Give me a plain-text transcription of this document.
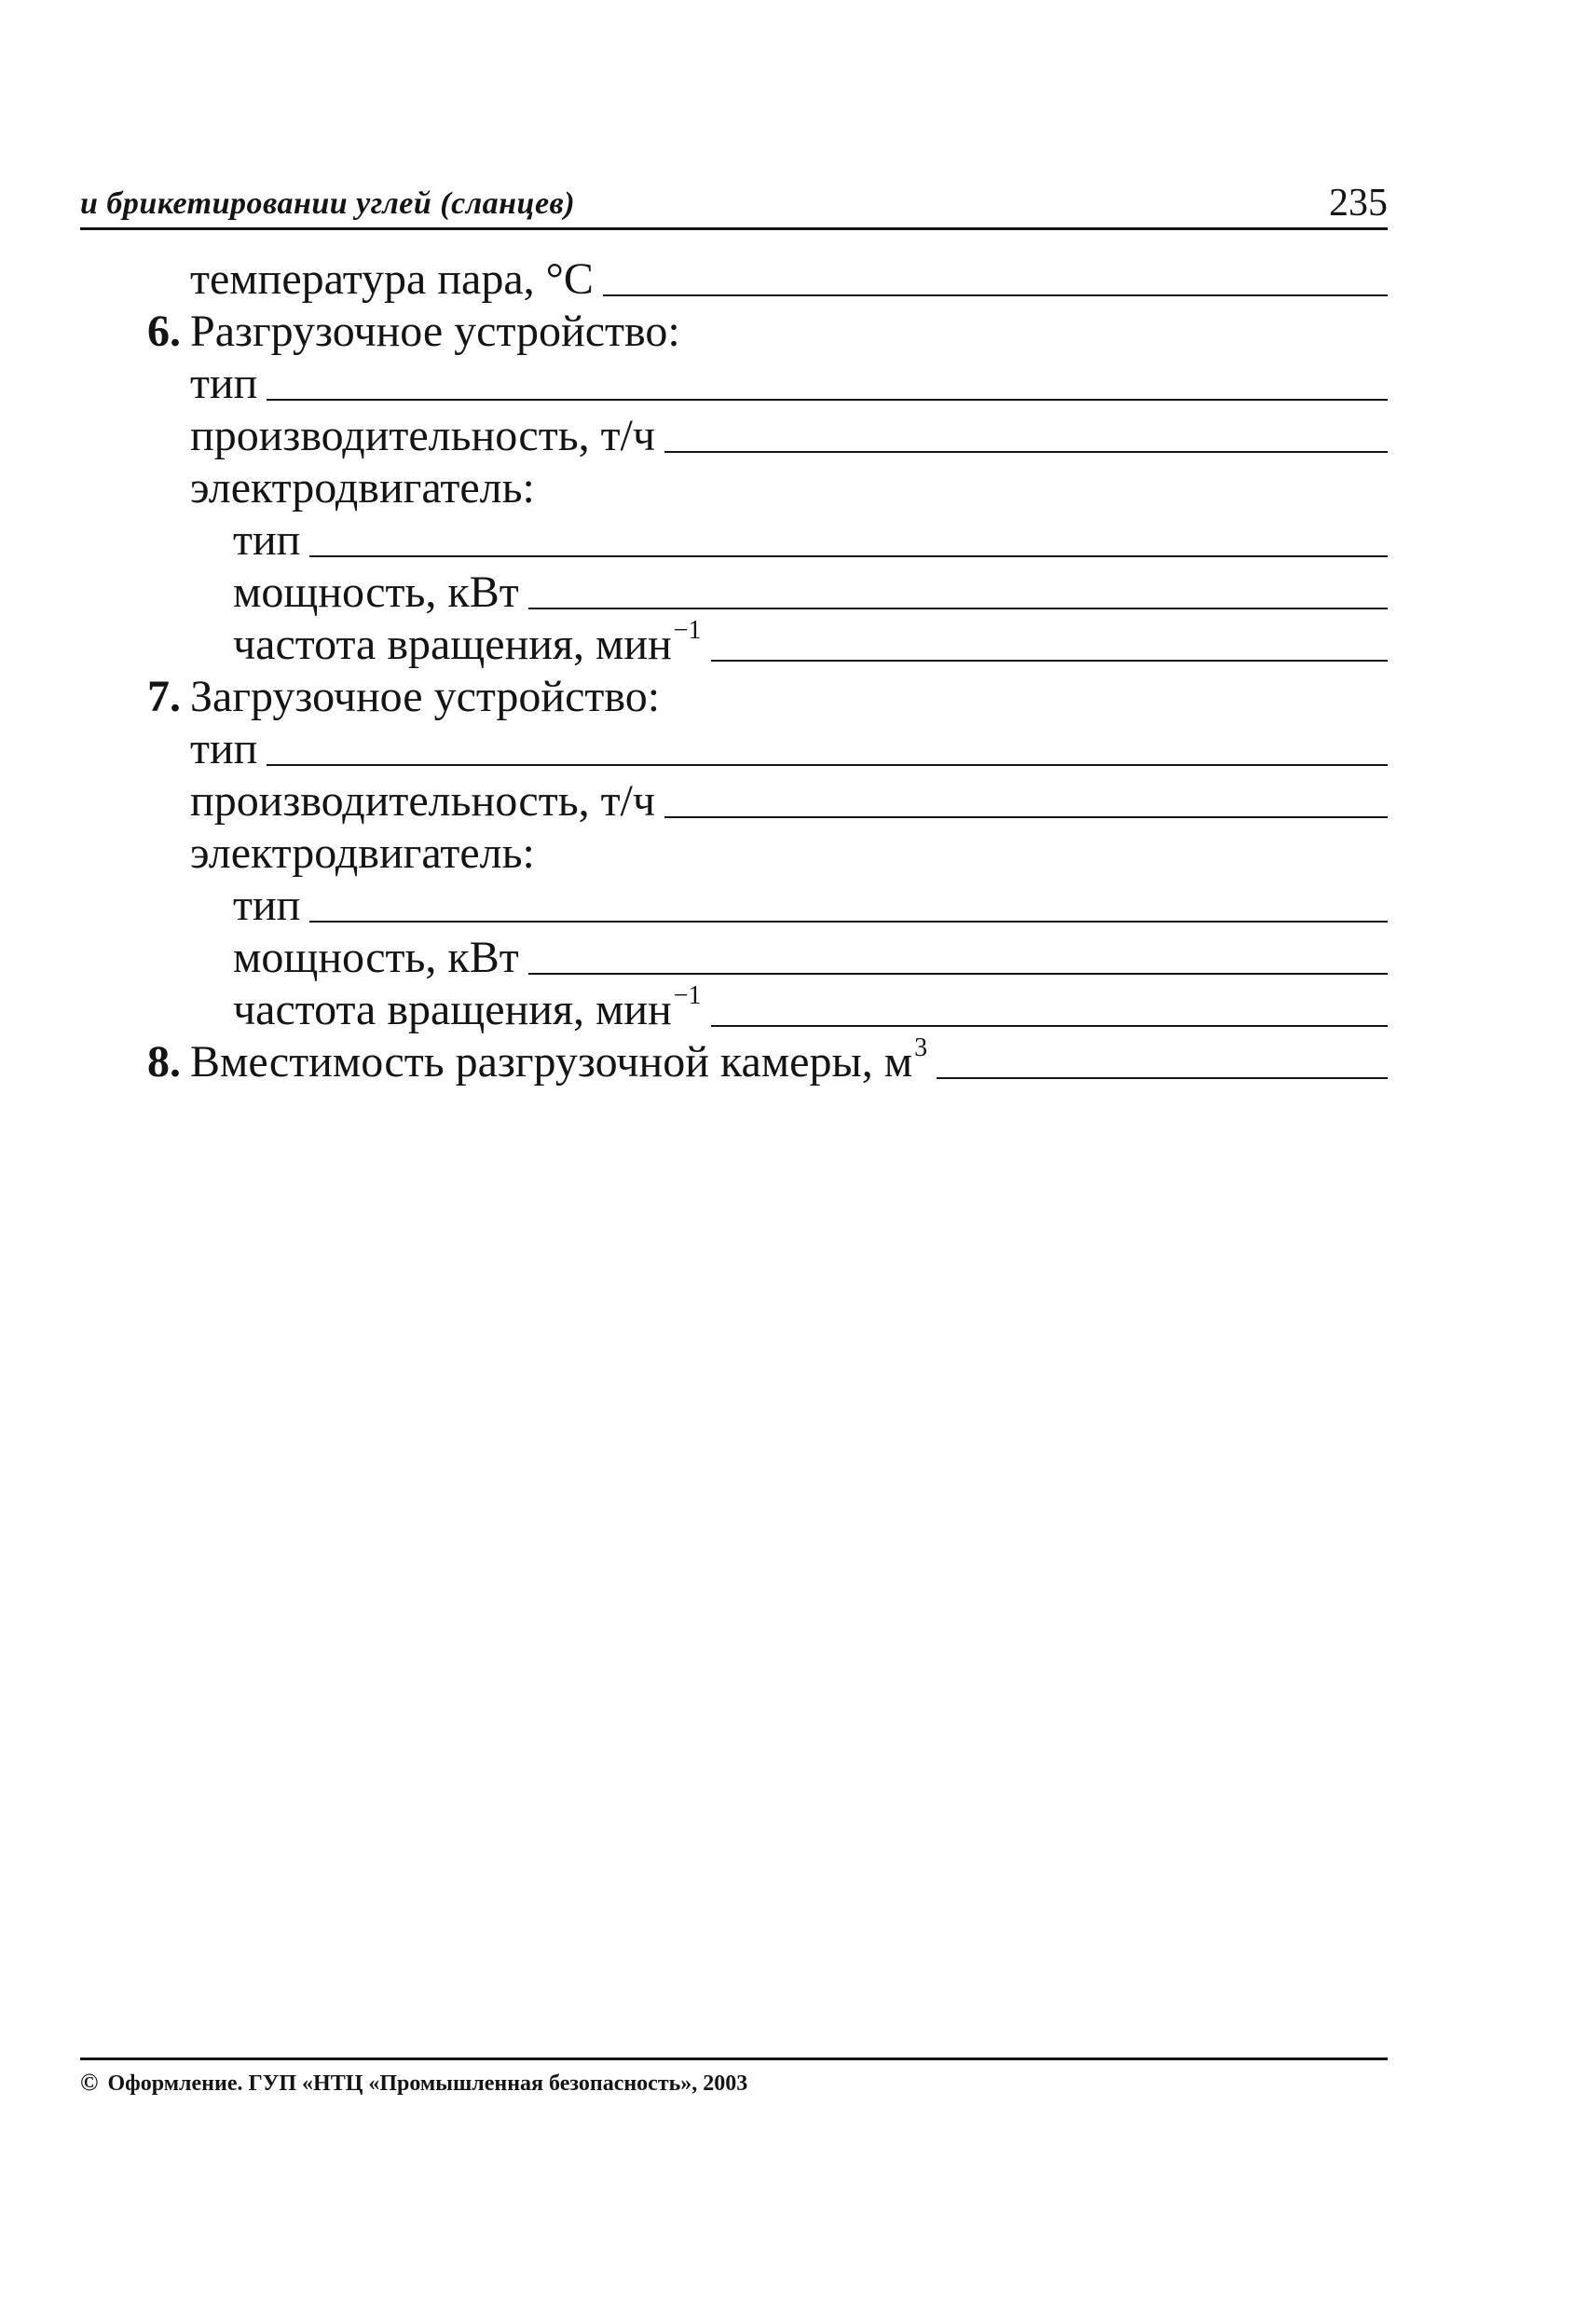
и брикетировании углей (сланцев)	235
температура пара, °C
6. Разгрузочное устройство:
тип
производительность, т/ч
электродвигатель:
тип
мощность, кВт
частота вращения, мин$^{-1}$
7. Загрузочное устройство:
тип
производительность, т/ч
электродвигатель:
тип
мощность, кВт
частота вращения, мин$^{-1}$
8. Вместимость разгрузочной камеры, $м^3$
© Оформление. ГУП «НТЦ «Промышленная безопасность», 2003
